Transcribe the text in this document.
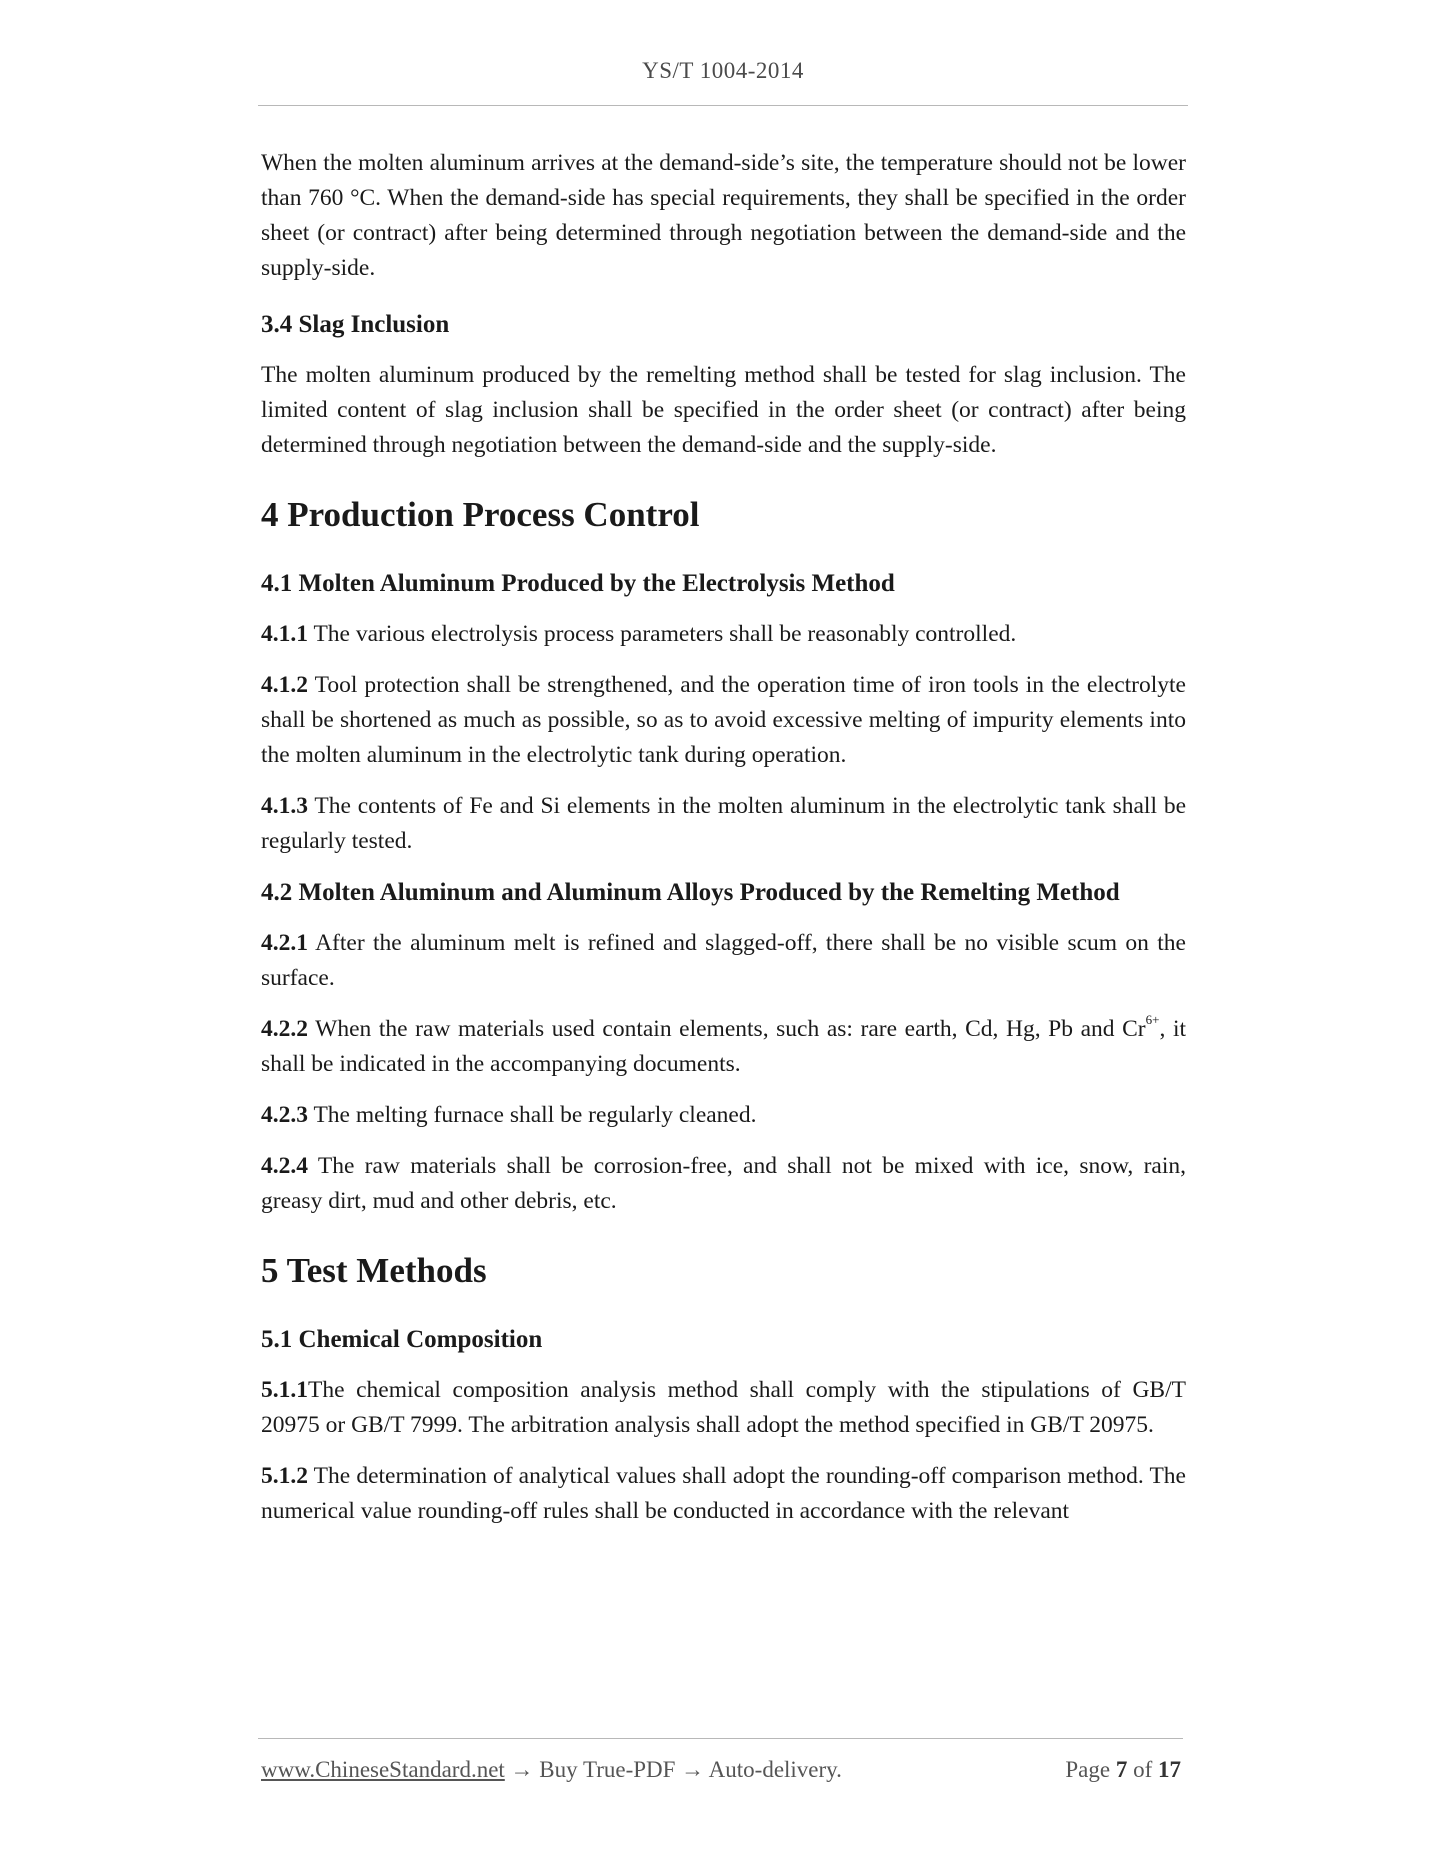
YS/T 1004-2014

When the molten aluminum arrives at the demand-side’s site, the temperature should not be lower than 760 °C. When the demand-side has special requirements, they shall be specified in the order sheet (or contract) after being determined through negotiation between the demand-side and the supply-side.

3.4 Slag Inclusion

The molten aluminum produced by the remelting method shall be tested for slag inclusion. The limited content of slag inclusion shall be specified in the order sheet (or contract) after being determined through negotiation between the demand-side and the supply-side.

4 Production Process Control
4.1 Molten Aluminum Produced by the Electrolysis Method

4.1.1 The various electrolysis process parameters shall be reasonably controlled.

4.1.2 Tool protection shall be strengthened, and the operation time of iron tools in the electrolyte shall be shortened as much as possible, so as to avoid excessive melting of impurity elements into the molten aluminum in the electrolytic tank during operation.

4.1.3 The contents of Fe and Si elements in the molten aluminum in the electrolytic tank shall be regularly tested.

4.2 Molten Aluminum and Aluminum Alloys Produced by the Remelting Method

4.2.1 After the aluminum melt is refined and slagged-off, there shall be no visible scum on the surface.

4.2.2 When the raw materials used contain elements, such as: rare earth, Cd, Hg, Pb and $Cr^{6+}$, it shall be indicated in the accompanying documents.

4.2.3 The melting furnace shall be regularly cleaned.

4.2.4 The raw materials shall be corrosion-free, and shall not be mixed with ice, snow, rain, greasy dirt, mud and other debris, etc.

5 Test Methods
5.1 Chemical Composition

5.1.1The chemical composition analysis method shall comply with the stipulations of GB/T 20975 or GB/T 7999. The arbitration analysis shall adopt the method specified in GB/T 20975.

5.1.2 The determination of analytical values shall adopt the rounding-off comparison method. The numerical value rounding-off rules shall be conducted in accordance with the relevant

www.ChineseStandard.net → Buy True-PDF → Auto-delivery.	Page 7 of 17
